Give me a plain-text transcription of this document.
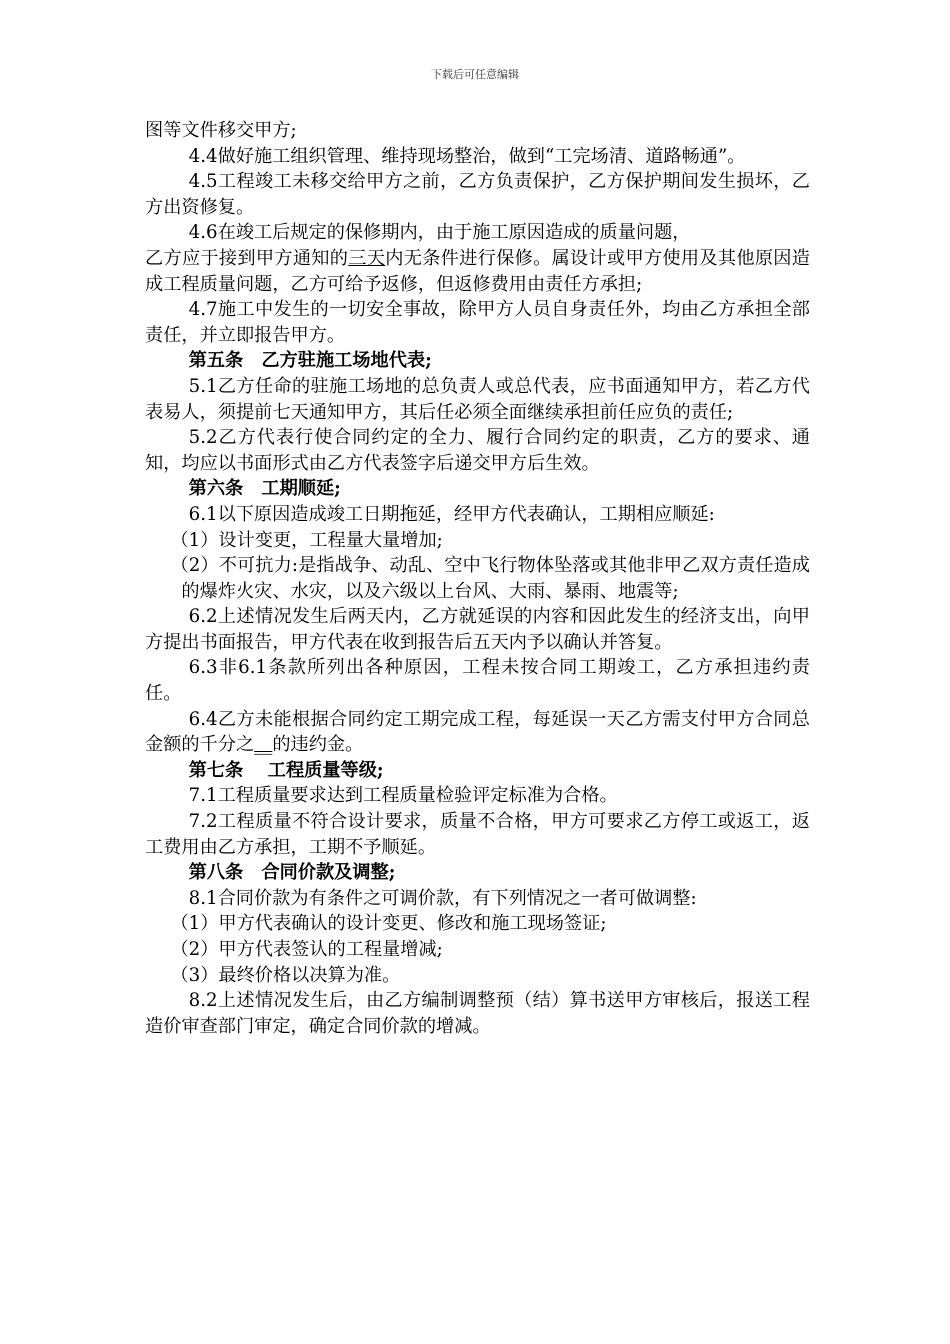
下载后可任意编辑

图等文件移交甲方;

4.4做好施工组织管理、维持现场整治，做到“工完场清、道路畅通”。

4.5工程竣工未移交给甲方之前，乙方负责保护，乙方保护期间发生损坏，乙方出资修复。

4.6在竣工后规定的保修期内，由于施工原因造成的质量问题，
乙方应于接到甲方通知的三天内无条件进行保修。属设计或甲方使用及其他原因造成工程质量问题，乙方可给予返修，但返修费用由责任方承担;

4.7施工中发生的一切安全事故，除甲方人员自身责任外，均由乙方承担全部责任，并立即报告甲方。

第五条　乙方驻施工场地代表;

5.1乙方任命的驻施工场地的总负责人或总代表，应书面通知甲方，若乙方代表易人，须提前七天通知甲方，其后任必须全面继续承担前任应负的责任;

5.2乙方代表行使合同约定的全力、履行合同约定的职责，乙方的要求、通知，均应以书面形式由乙方代表签字后递交甲方后生效。

第六条　工期顺延;

6.1以下原因造成竣工日期拖延，经甲方代表确认，工期相应顺延:

（1）设计变更，工程量大量增加;

（2）不可抗力:是指战争、动乱、空中飞行物体坠落或其他非甲乙双方责任造成的爆炸火灾、水灾，以及六级以上台风、大雨、暴雨、地震等;

6.2上述情况发生后两天内，乙方就延误的内容和因此发生的经济支出，向甲方提出书面报告，甲方代表在收到报告后五天内予以确认并答复。

6.3非6.1条款所列出各种原因，工程未按合同工期竣工，乙方承担违约责任。

6.4乙方未能根据合同约定工期完成工程，每延误一天乙方需支付甲方合同总金额的千分之__的违约金。

第七条　 工程质量等级;

7.1工程质量要求达到工程质量检验评定标准为合格。

7.2工程质量不符合设计要求，质量不合格，甲方可要求乙方停工或返工，返工费用由乙方承担，工期不予顺延。

第八条　合同价款及调整;

8.1合同价款为有条件之可调价款，有下列情况之一者可做调整:

（1）甲方代表确认的设计变更、修改和施工现场签证;

（2）甲方代表签认的工程量增减;

（3）最终价格以决算为准。

8.2上述情况发生后，由乙方编制调整预（结）算书送甲方审核后，报送工程造价审查部门审定，确定合同价款的增减。
